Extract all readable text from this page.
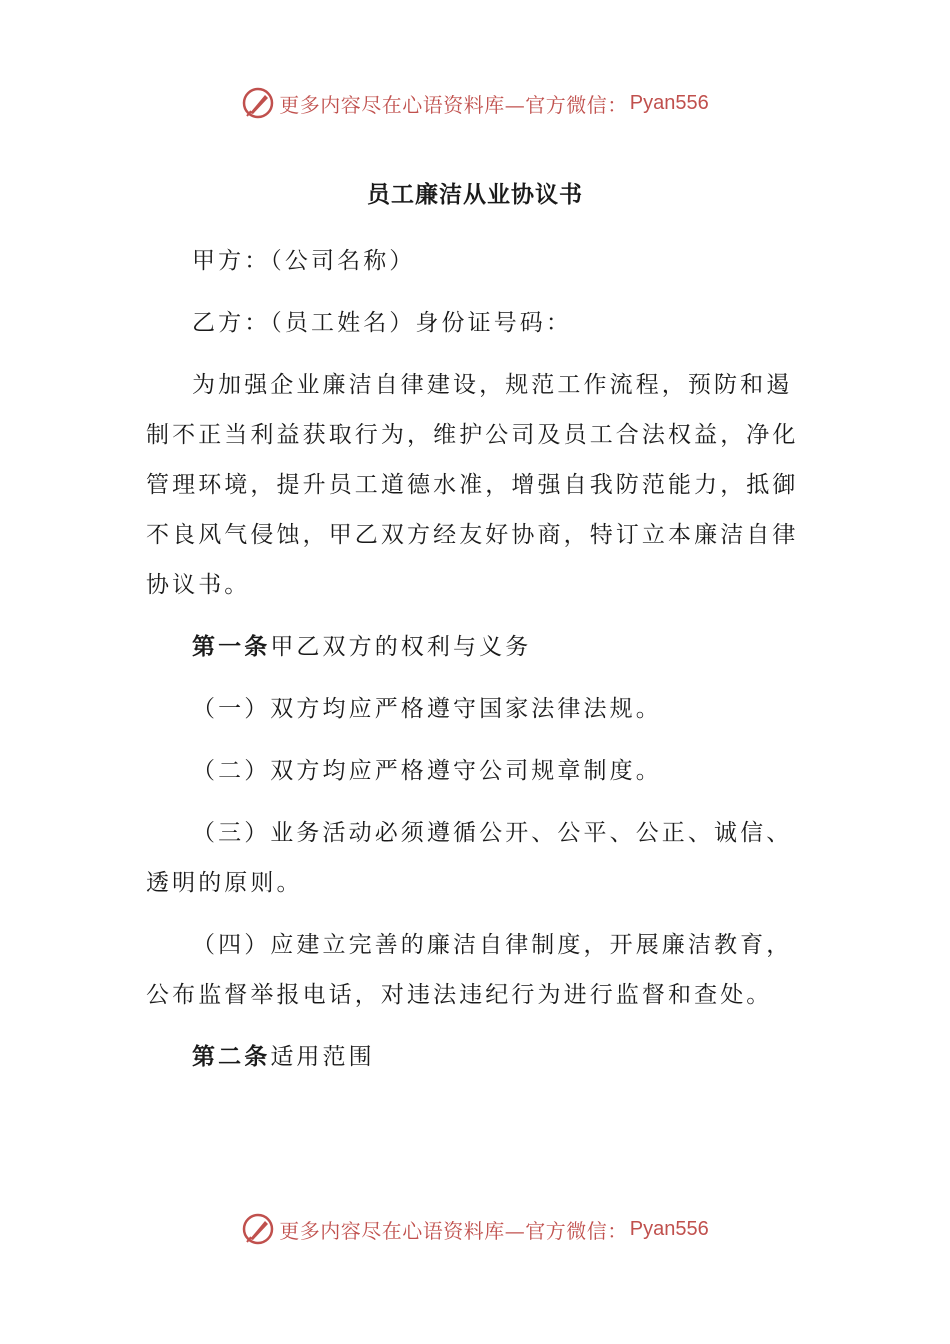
更多内容尽在心语资料库—官方微信： Pyan556
员工廉洁从业协议书

甲方：（公司名称）

乙方：（员工姓名）身份证号码：

为加强企业廉洁自律建设，规范工作流程，预防和遏制不正当利益获取行为，维护公司及员工合法权益，净化管理环境，提升员工道德水准，增强自我防范能力，抵御不良风气侵蚀，甲乙双方经友好协商，特订立本廉洁自律协议书。

第一条甲乙双方的权利与义务

（一）双方均应严格遵守国家法律法规。

（二）双方均应严格遵守公司规章制度。

（三）业务活动必须遵循公开、公平、公正、诚信、透明的原则。

（四）应建立完善的廉洁自律制度，开展廉洁教育，公布监督举报电话，对违法违纪行为进行监督和查处。

第二条适用范围

更多内容尽在心语资料库—官方微信： Pyan556
